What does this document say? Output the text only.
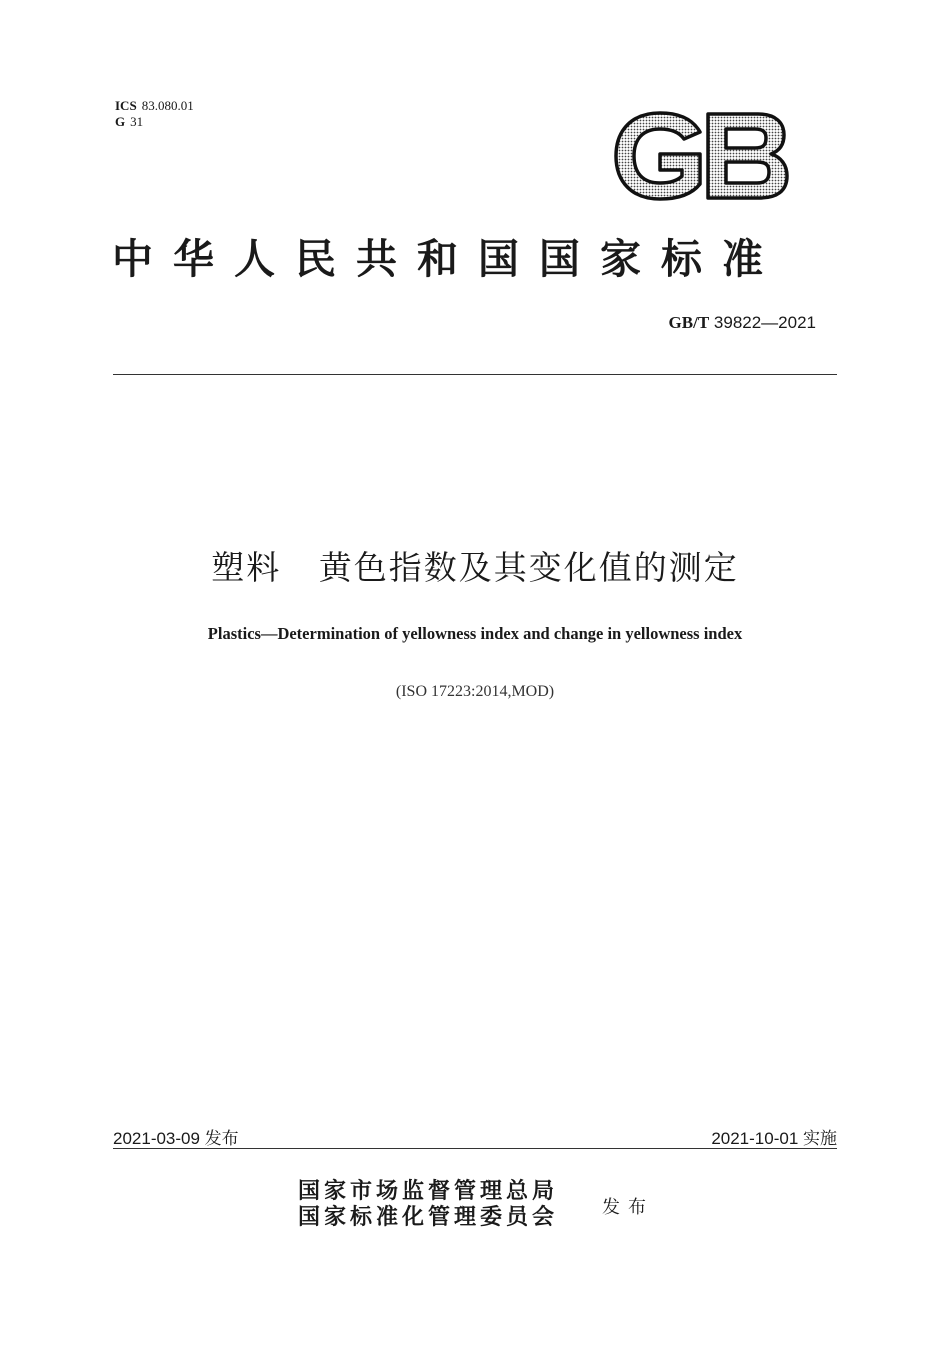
ICS 83.080.01
G 31
中华人民共和国国家标准
GB/T 39822—2021
塑料   黄色指数及其变化值的测定
Plastics—Determination of yellowness index and change in yellowness index
(ISO 17223:2014,MOD)
2021-03-09 发布	2021-10-01 实施
国家市场监督管理总局
国家标准化管理委员会 发布
